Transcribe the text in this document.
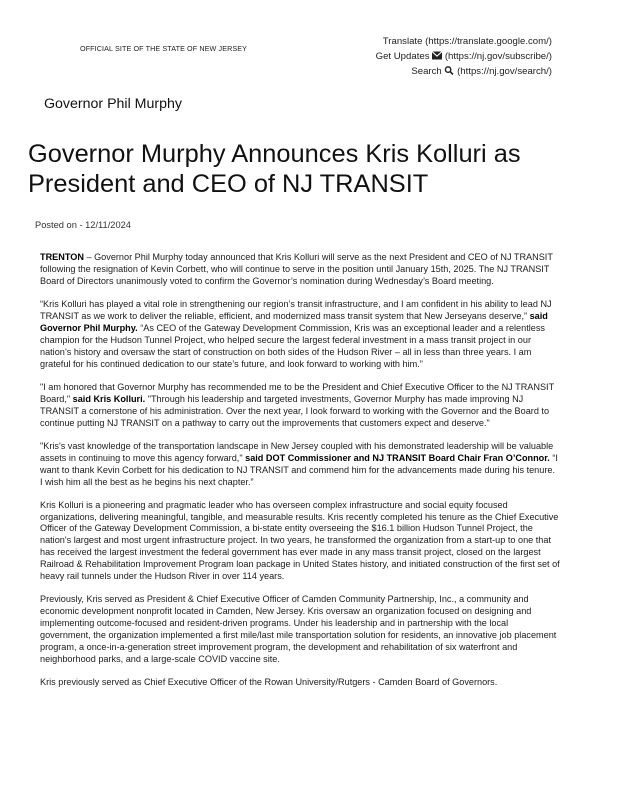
OFFICIAL SITE OF THE STATE OF NEW JERSEY
Translate (https://translate.google.com/)
Get Updates  (https://nj.gov/subscribe/)
Search  (https://nj.gov/search/)
Governor Phil Murphy
Governor Murphy Announces Kris Kolluri as President and CEO of NJ TRANSIT
Posted on - 12/11/2024

TRENTON – Governor Phil Murphy today announced that Kris Kolluri will serve as the next President and CEO of NJ TRANSIT following the resignation of Kevin Corbett, who will continue to serve in the position until January 15th, 2025. The NJ TRANSIT Board of Directors unanimously voted to confirm the Governor’s nomination during Wednesday’s Board meeting.

“Kris Kolluri has played a vital role in strengthening our region’s transit infrastructure, and I am confident in his ability to lead NJ TRANSIT as we work to deliver the reliable, efficient, and modernized mass transit system that New Jerseyans deserve,” said Governor Phil Murphy. “As CEO of the Gateway Development Commission, Kris was an exceptional leader and a relentless champion for the Hudson Tunnel Project, who helped secure the largest federal investment in a mass transit project in our nation’s history and oversaw the start of construction on both sides of the Hudson River – all in less than three years. I am grateful for his continued dedication to our state’s future, and look forward to working with him.”

"I am honored that Governor Murphy has recommended me to be the President and Chief Executive Officer to the NJ TRANSIT Board," said Kris Kolluri. "Through his leadership and targeted investments, Governor Murphy has made improving NJ TRANSIT a cornerstone of his administration. Over the next year, I look forward to working with the Governor and the Board to continue putting NJ TRANSIT on a pathway to carry out the improvements that customers expect and deserve."

"Kris's vast knowledge of the transportation landscape in New Jersey coupled with his demonstrated leadership will be valuable assets in continuing to move this agency forward," said DOT Commissioner and NJ TRANSIT Board Chair Fran O’Connor. “I want to thank Kevin Corbett for his dedication to NJ TRANSIT and commend him for the advancements made during his tenure. I wish him all the best as he begins his next chapter.”

Kris Kolluri is a pioneering and pragmatic leader who has overseen complex infrastructure and social equity focused organizations, delivering meaningful, tangible, and measurable results. Kris recently completed his tenure as the Chief Executive Officer of the Gateway Development Commission, a bi-state entity overseeing the $16.1 billion Hudson Tunnel Project, the nation's largest and most urgent infrastructure project. In two years, he transformed the organization from a start-up to one that has received the largest investment the federal government has ever made in any mass transit project, closed on the largest Railroad & Rehabilitation Improvement Program loan package in United States history, and initiated construction of the first set of heavy rail tunnels under the Hudson River in over 114 years.

Previously, Kris served as President & Chief Executive Officer of Camden Community Partnership, Inc., a community and economic development nonprofit located in Camden, New Jersey. Kris oversaw an organization focused on designing and implementing outcome-focused and resident-driven programs. Under his leadership and in partnership with the local government, the organization implemented a first mile/last mile transportation solution for residents, an innovative job placement program, a once-in-a-generation street improvement program, the development and rehabilitation of six waterfront and neighborhood parks, and a large-scale COVID vaccine site.

Kris previously served as Chief Executive Officer of the Rowan University/Rutgers - Camden Board of Governors.
